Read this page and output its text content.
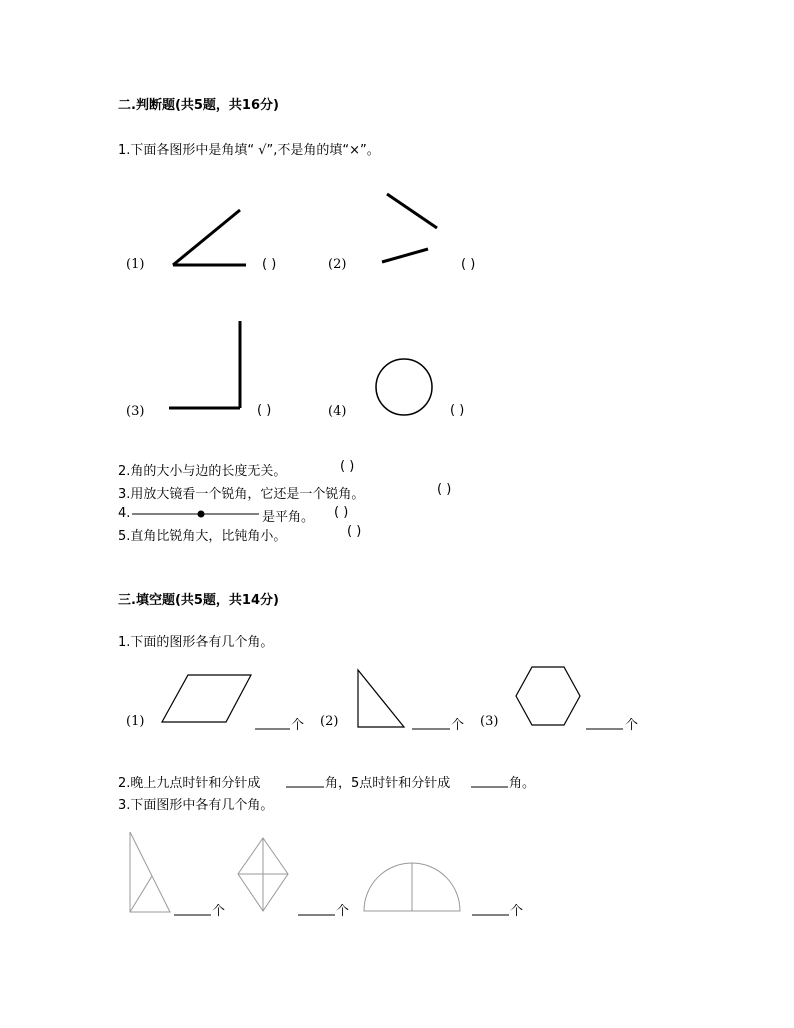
二.判断题(共5题，共16分)
1.下面各图形中是角填“ √”,不是角的填“×”。
(1)	( )	(2)	( )
(3)	( )	(4)	( )
2.角的大小与边的长度无关。	( )
3.用放大镜看一个锐角，它还是一个锐角。	( )
4.	是平角。 ( )
5.直角比锐角大，比钝角小。	( )
三.填空题(共5题，共14分)
1.下面的图形各有几个角。
(1)	个 (2)	个 (3)	个
2.晚上九点时针和分针成	角，5点时针和分针成	角。
3.下面图形中各有几个角。
个	个	个
